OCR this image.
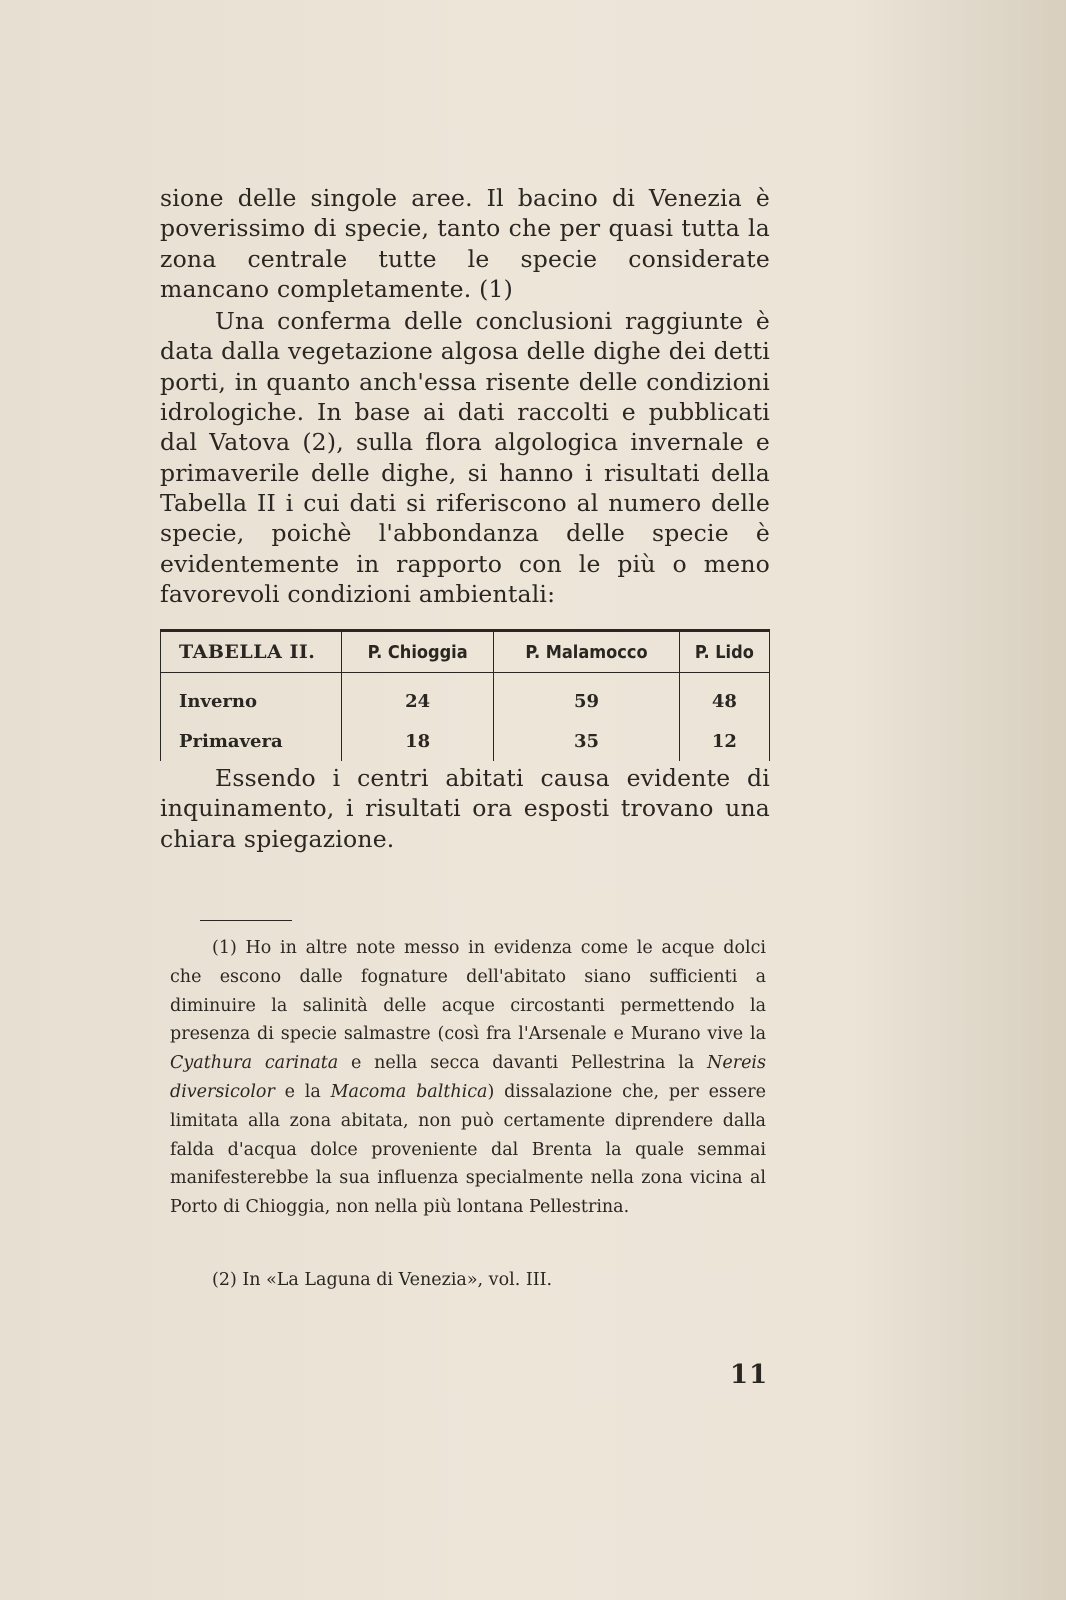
sione delle singole aree. Il bacino di Venezia è poverissimo di specie, tanto che per quasi tutta la zona centrale tutte le specie considerate mancano completamente. (1)

Una conferma delle conclusioni raggiunte è data dalla vegetazione algosa delle dighe dei detti porti, in quanto anch'essa risente delle condizioni idrologiche. In base ai dati raccolti e pubblicati dal Vatova (2), sulla flora algologica invernale e primaverile delle dighe, si hanno i risultati della Tabella II i cui dati si riferiscono al numero delle specie, poichè l'abbondanza delle specie è evidentemente in rapporto con le più o meno favorevoli condizioni ambientali:

TABELLA II.	P. Chioggia	P. Malamocco	P. Lido
Inverno	24	59	48
Primavera	18	35	12

Essendo i centri abitati causa evidente di inquinamento, i risultati ora esposti trovano una chiara spiegazione.

(1) Ho in altre note messo in evidenza come le acque dolci che escono dalle fognature dell'abitato siano sufficienti a diminuire la salinità delle acque circostanti permettendo la presenza di specie salmastre (così fra l'Arsenale e Murano vive la Cyathura carinata e nella secca davanti Pellestrina la Nereis diversicolor e la Macoma balthica) dissalazione che, per essere limitata alla zona abitata, non può certamente diprendere dalla falda d'acqua dolce proveniente dal Brenta la quale semmai manifesterebbe la sua influenza specialmente nella zona vicina al Porto di Chioggia, non nella più lontana Pellestrina.

(2) In «La Laguna di Venezia», vol. III.

11
